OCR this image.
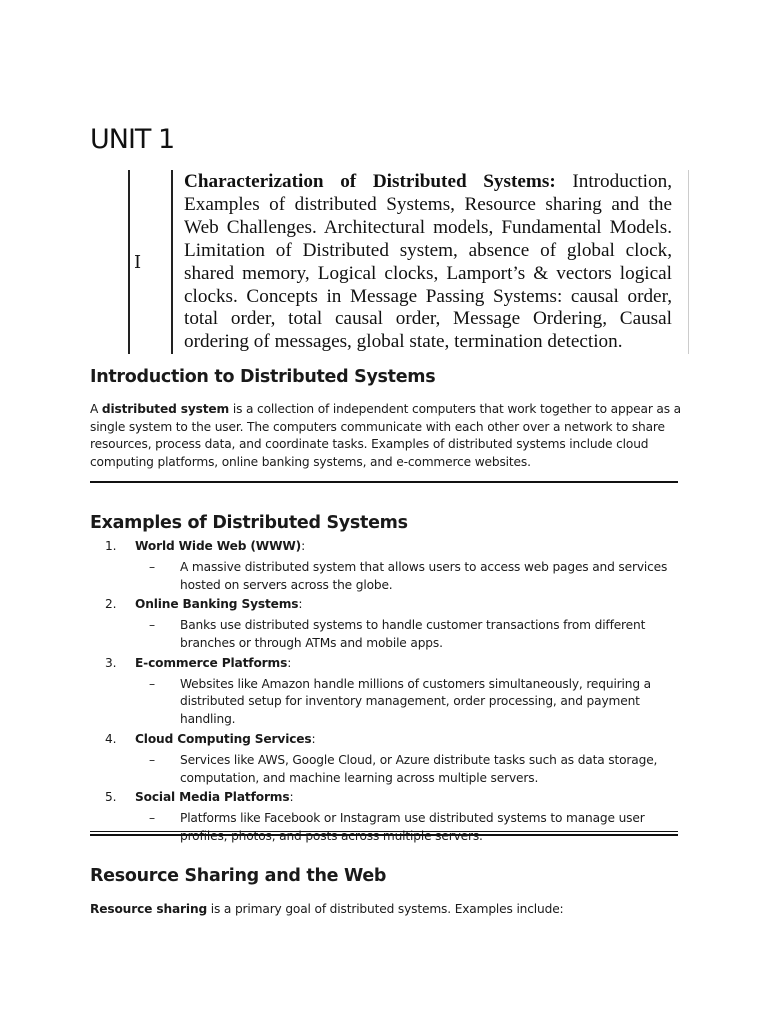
UNIT 1
I
Characterization of Distributed Systems: Introduction, Examples of distributed Systems, Resource sharing and the Web Challenges. Architectural models, Fundamental Models. Limitation of Distributed system, absence of global clock, shared memory, Logical clocks, Lamport’s & vectors logical clocks. Concepts in Message Passing Systems: causal order, total order, total causal order, Message Ordering, Causal ordering of messages, global state, termination detection.
Introduction to Distributed Systems
A distributed system is a collection of independent computers that work together to appear as a single system to the user. The computers communicate with each other over a network to share resources, process data, and coordinate tasks. Examples of distributed systems include cloud computing platforms, online banking systems, and e-commerce websites.
Examples of Distributed Systems
1. World Wide Web (WWW):
– A massive distributed system that allows users to access web pages and services hosted on servers across the globe.
2. Online Banking Systems:
– Banks use distributed systems to handle customer transactions from different branches or through ATMs and mobile apps.
3. E-commerce Platforms:
– Websites like Amazon handle millions of customers simultaneously, requiring a distributed setup for inventory management, order processing, and payment handling.
4. Cloud Computing Services:
– Services like AWS, Google Cloud, or Azure distribute tasks such as data storage, computation, and machine learning across multiple servers.
5. Social Media Platforms:
– Platforms like Facebook or Instagram use distributed systems to manage user
Resource Sharing and the Web
Resource sharing is a primary goal of distributed systems. Examples include:
